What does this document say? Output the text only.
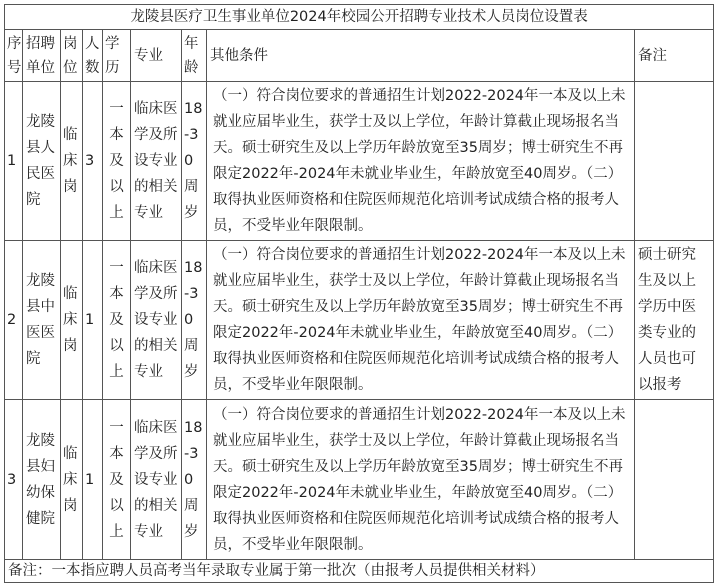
龙陵县医疗卫生事业单位2024年校园公开招聘专业技术人员岗位设置表								
序号	招聘单位	岗位	人数	学历	专业	年龄	其他条件	备注
1	龙陵县人民医院	临床岗	3	一本及以上	临床医学及所设专业的相关专业	18-30周岁	（一）符合岗位要求的普通招生计划2022-2024年一本及以上未就业应届毕业生，获学士及以上学位，年龄计算截止现场报名当天。硕士研究生及以上学历年龄放宽至35周岁；博士研究生不再限定2022年-2024年未就业毕业生，年龄放宽至40周岁。（二）取得执业医师资格和住院医师规范化培训考试成绩合格的报考人员，不受毕业年限限制。	
2	龙陵县中医医院	临床岗	1	一本及以上	临床医学及所设专业的相关专业	18-30周岁	（一）符合岗位要求的普通招生计划2022-2024年一本及以上未就业应届毕业生，获学士及以上学位，年龄计算截止现场报名当天。硕士研究生及以上学历年龄放宽至35周岁；博士研究生不再限定2022年-2024年未就业毕业生，年龄放宽至40周岁。（二）取得执业医师资格和住院医师规范化培训考试成绩合格的报考人员，不受毕业年限限制。	硕士研究生及以上学历中医类专业的人员也可以报考
3	龙陵县妇幼保健院	临床岗	1	一本及以上	临床医学及所设专业的相关专业	18-30周岁	（一）符合岗位要求的普通招生计划2022-2024年一本及以上未就业应届毕业生，获学士及以上学位，年龄计算截止现场报名当天。硕士研究生及以上学历年龄放宽至35周岁；博士研究生不再限定2022年-2024年未就业毕业生，年龄放宽至40周岁。（二）取得执业医师资格和住院医师规范化培训考试成绩合格的报考人员，不受毕业年限限制。	
备注：一本指应聘人员高考当年录取专业属于第一批次（由报考人员提供相关材料）								
